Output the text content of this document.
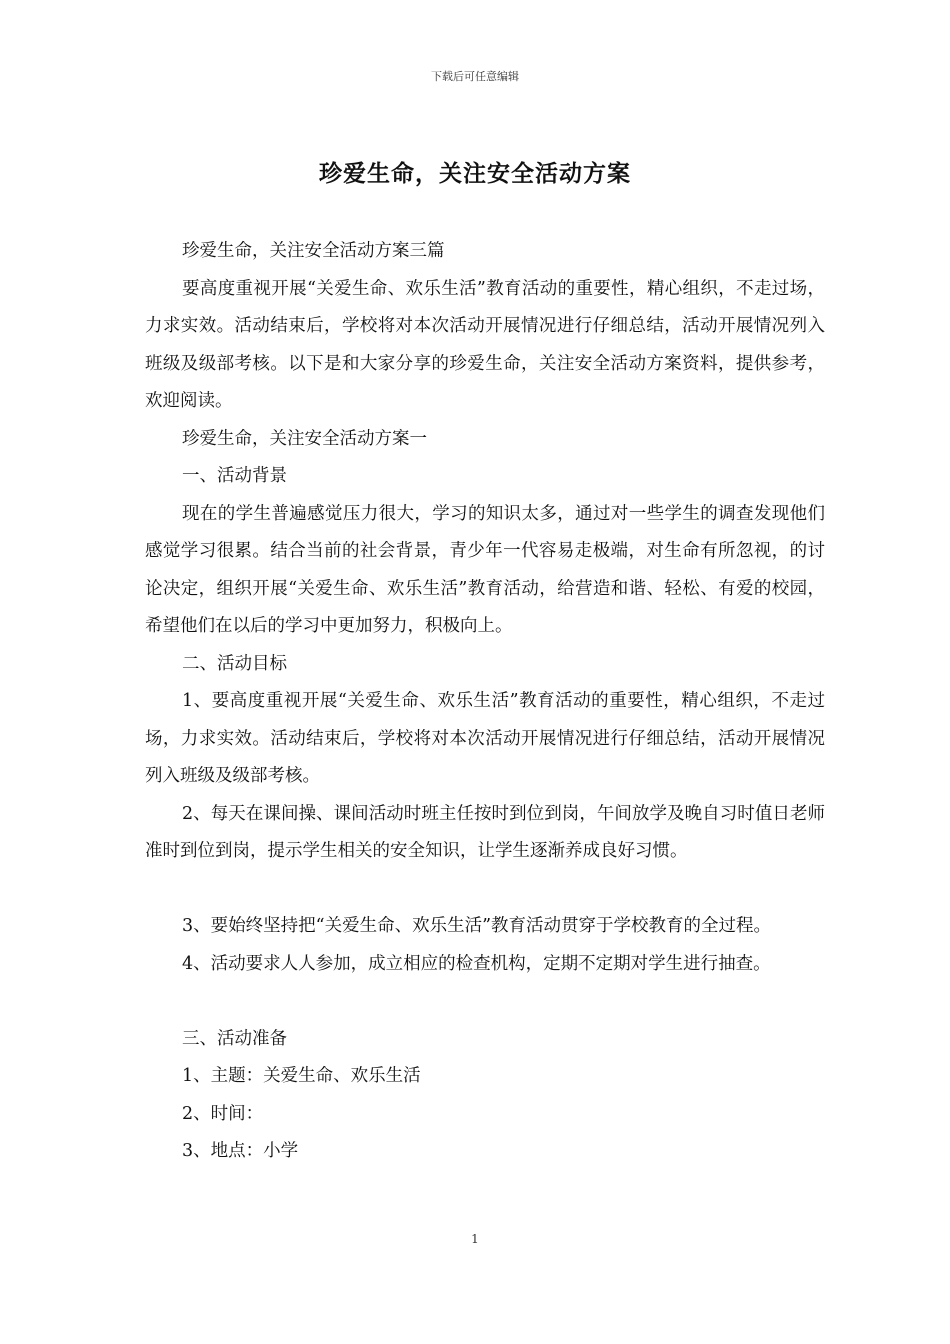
下载后可任意编辑
珍爱生命，关注安全活动方案

珍爱生命，关注安全活动方案三篇

要高度重视开展“关爱生命、欢乐生活”教育活动的重要性，精心组织，不走过场，力求实效。活动结束后，学校将对本次活动开展情况进行仔细总结，活动开展情况列入班级及级部考核。以下是和大家分享的珍爱生命，关注安全活动方案资料，提供参考，欢迎阅读。

珍爱生命，关注安全活动方案一

一、活动背景

现在的学生普遍感觉压力很大，学习的知识太多，通过对一些学生的调查发现他们感觉学习很累。结合当前的社会背景，青少年一代容易走极端，对生命有所忽视，的讨论决定，组织开展“关爱生命、欢乐生活”教育活动，给营造和谐、轻松、有爱的校园，希望他们在以后的学习中更加努力，积极向上。

二、活动目标

1、要高度重视开展“关爱生命、欢乐生活”教育活动的重要性，精心组织，不走过场，力求实效。活动结束后，学校将对本次活动开展情况进行仔细总结，活动开展情况列入班级及级部考核。

2、每天在课间操、课间活动时班主任按时到位到岗，午间放学及晚自习时值日老师准时到位到岗，提示学生相关的安全知识，让学生逐渐养成良好习惯。

3、要始终坚持把“关爱生命、欢乐生活”教育活动贯穿于学校教育的全过程。

4、活动要求人人参加，成立相应的检查机构，定期不定期对学生进行抽查。

三、活动准备

1、主题：关爱生命、欢乐生活

2、时间：

3、地点：小学

1
